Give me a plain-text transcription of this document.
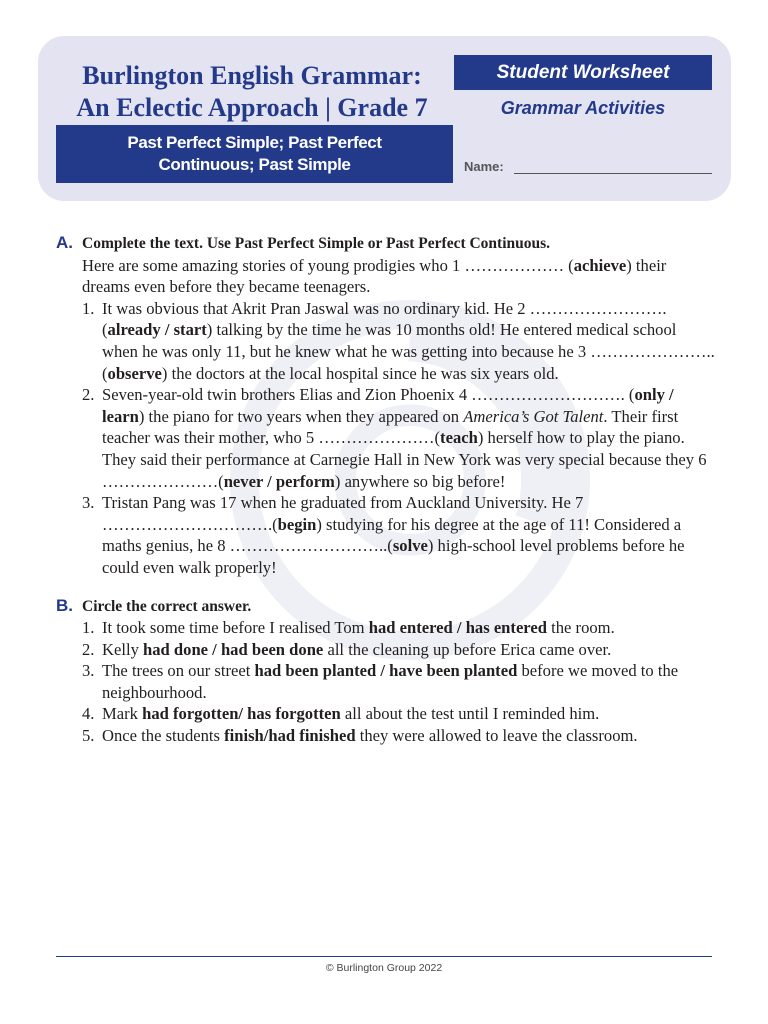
Burlington English Grammar:
An Eclectic Approach | Grade 7
Past Perfect Simple; Past Perfect Continuous; Past Simple
Student Worksheet
Grammar Activities
Name:
A. Complete the text. Use Past Perfect Simple or Past Perfect Continuous.
Here are some amazing stories of young prodigies who 1 ……………… (achieve) their dreams even before they became teenagers.
1. It was obvious that Akrit Pran Jaswal was no ordinary kid. He 2 …………………….(already / start) talking by the time he was 10 months old! He entered medical school when he was only 11, but he knew what he was getting into because he 3 …………………..(observe) the doctors at the local hospital since he was six years old.
2. Seven-year-old twin brothers Elias and Zion Phoenix 4 ………………………. (only / learn) the piano for two years when they appeared on America’s Got Talent. Their first teacher was their mother, who 5 …………………(teach) herself how to play the piano. They said their performance at Carnegie Hall in New York was very special because they 6 …………………(never / perform) anywhere so big before!
3. Tristan Pang was 17 when he graduated from Auckland University. He 7 ………………………….(begin) studying for his degree at the age of 11! Considered a maths genius, he 8 ………………………..(solve) high-school level problems before he could even walk properly!
B. Circle the correct answer.
1. It took some time before I realised Tom had entered / has entered the room.
2. Kelly had done / had been done all the cleaning up before Erica came over.
3. The trees on our street had been planted / have been planted before we moved to the neighbourhood.
4. Mark had forgotten/ has forgotten all about the test until I reminded him.
5. Once the students finish/had finished they were allowed to leave the classroom.
© Burlington Group 2022
